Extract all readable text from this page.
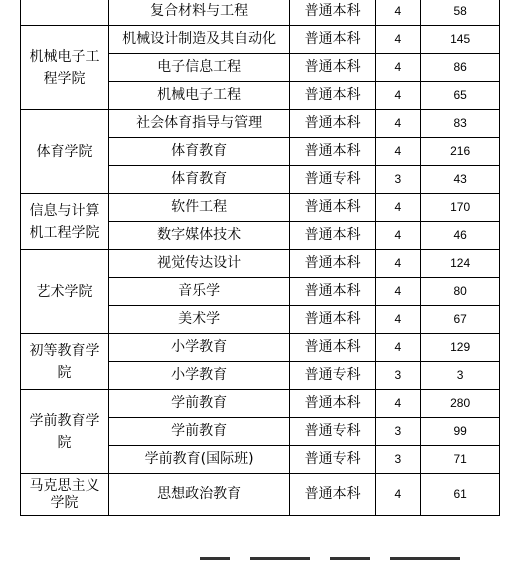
	复合材料与工程	普通本科	4	58	
机械电子工程学院	机械设计制造及其自动化	普通本科	4	145	
	电子信息工程	普通本科	4	86	
	机械电子工程	普通本科	4	65	
体育学院	社会体育指导与管理	普通本科	4	83	
	体育教育	普通本科	4	216	
	体育教育	普通专科	3	43	
信息与计算机工程学院	软件工程	普通本科	4	170	
	数字媒体技术	普通本科	4	46	
艺术学院	视觉传达设计	普通本科	4	124	
	音乐学	普通本科	4	80	
	美术学	普通本科	4	67	
初等教育学院	小学教育	普通本科	4	129	
	小学教育	普通专科	3	3	
学前教育学院	学前教育	普通本科	4	280	
	学前教育	普通专科	3	99	
	学前教育(国际班)	普通专科	3	71	
马克思主义学院	思想政治教育	普通本科	4	61	
